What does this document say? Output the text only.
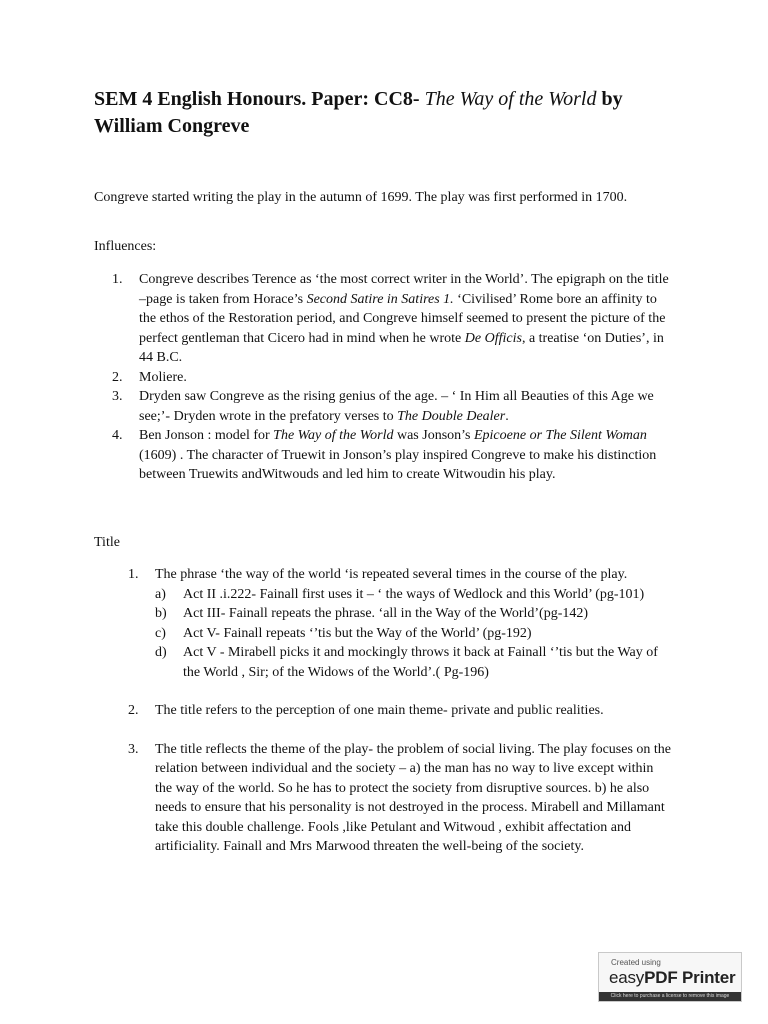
SEM 4 English Honours. Paper: CC8- The Way of the World by William Congreve

Congreve started writing the play in the autumn of 1699. The play was first performed in 1700.

Influences:

1. Congreve describes Terence as ‘the most correct writer in the World’. The epigraph on the title –page is taken from Horace’s Second Satire in Satires 1. ‘Civilised’ Rome bore an affinity to the ethos of the Restoration period, and Congreve himself seemed to present the picture of the perfect gentleman that Cicero had in mind when he wrote De Officis, a treatise ‘on Duties’, in 44 B.C.
2. Moliere.
3. Dryden saw Congreve as the rising genius of the age. – ‘ In Him all Beauties of this Age we see;’- Dryden wrote in the prefatory verses to The Double Dealer.
4. Ben Jonson : model for The Way of the World was Jonson’s Epicoene or The Silent Woman (1609) . The character of Truewit in Jonson’s play inspired Congreve to make his distinction between Truewits andWitwouds and led him to create Witwoudin his play.

Title

1. The phrase ‘the way of the world ‘is repeated several times in the course of the play.
a) Act II .i.222- Fainall first uses it – ‘ the ways of Wedlock and this World’ (pg-101)
b) Act III- Fainall repeats the phrase. ‘all in the Way of the World’(pg-142)
c) Act V- Fainall repeats ‘’tis but the Way of the World’ (pg-192)
d) Act V - Mirabell picks it and mockingly throws it back at Fainall ‘’tis but the Way of the World , Sir; of the Widows of the World’.( Pg-196)
2. The title refers to the perception of one main theme- private and public realities.
3. The title reflects the theme of the play- the problem of social living. The play focuses on the relation between individual and the society – a) the man has no way to live except within the way of the world. So he has to protect the society from disruptive sources. b) he also needs to ensure that his personality is not destroyed in the process. Mirabell and Millamant take this double challenge. Fools ,like Petulant and Witwoud , exhibit affectation and artificiality. Fainall and Mrs Marwood threaten the well-being of the society.
Created using
easyPDF Printer
Click here to purchase a license to remove this image
